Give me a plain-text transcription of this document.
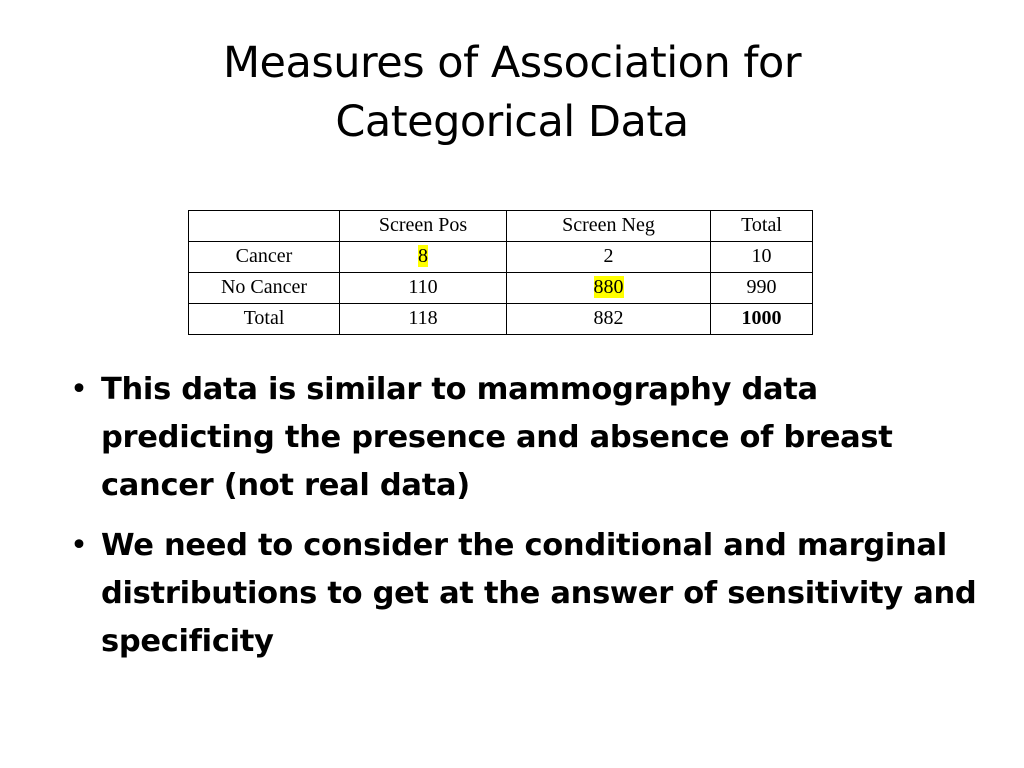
Measures of Association for
Categorical Data
	Screen Pos	Screen Neg	Total
Cancer	8	2	10
No Cancer	110	880	990
Total	118	882	1000
• This data is similar to mammography data predicting the presence and absence of breast cancer (not real data)
• We need to consider the conditional and marginal distributions to get at the answer of sensitivity and specificity
